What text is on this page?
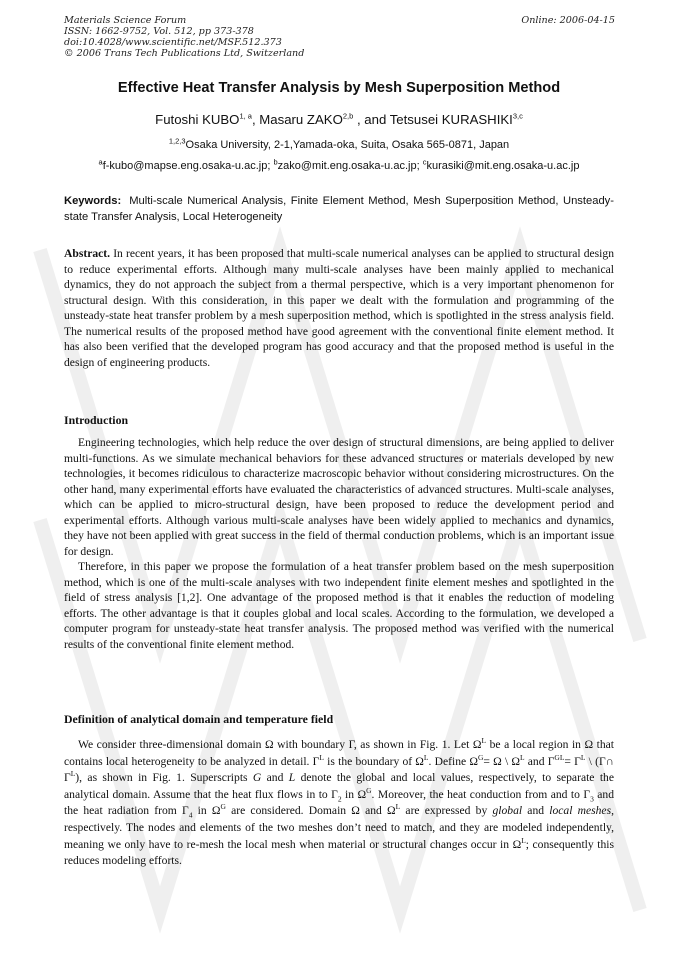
Materials Science Forum
ISSN: 1662-9752, Vol. 512, pp 373-378
doi:10.4028/www.scientific.net/MSF.512.373
© 2006 Trans Tech Publications Ltd, Switzerland
Online: 2006-04-15
Effective Heat Transfer Analysis by Mesh Superposition Method
Futoshi KUBO$^{1, a}$, Masaru ZAKO$^{2,b}$ , and Tetsusei KURASHIKI$^{3,c}$
$^{1,2,3}$Osaka University, 2-1,Yamada-oka, Suita, Osaka 565-0871, Japan
$^a$f-kubo@mapse.eng.osaka-u.ac.jp; $^b$zako@mit.eng.osaka-u.ac.jp; $^c$kurasiki@mit.eng.osaka-u.ac.jp
Keywords: Multi-scale Numerical Analysis, Finite Element Method, Mesh Superposition Method, Unsteady-state Transfer Analysis, Local Heterogeneity
Abstract. In recent years, it has been proposed that multi-scale numerical analyses can be applied to structural design to reduce experimental efforts. Although many multi-scale analyses have been mainly applied to mechanical dynamics, they do not approach the subject from a thermal perspective, which is a very important phenomenon for structural design. With this consideration, in this paper we dealt with the formulation and programming of the unsteady-state heat transfer problem by a mesh superposition method, which is spotlighted in the stress analysis field. The numerical results of the proposed method have good agreement with the conventional finite element method. It has also been verified that the developed program has good accuracy and that the proposed method is useful in the design of engineering products.
Introduction

Engineering technologies, which help reduce the over design of structural dimensions, are being applied to deliver multi-functions. As we simulate mechanical behaviors for these advanced structures or materials developed by new technologies, it becomes ridiculous to characterize macroscopic behavior without considering microstructures. On the other hand, many experimental efforts have evaluated the characteristics of advanced structures. Multi-scale analyses, which can be applied to micro-structural design, have been proposed to reduce the development period and experimental efforts. Although various multi-scale analyses have been widely applied to mechanics and dynamics, they have not been applied with great success in the field of thermal conduction problems, which is an important issue for design.

Therefore, in this paper we propose the formulation of a heat transfer problem based on the mesh superposition method, which is one of the multi-scale analyses with two independent finite element meshes and spotlighted in the field of stress analysis [1,2]. One advantage of the proposed method is that it enables the reduction of modeling efforts. The other advantage is that it couples global and local scales. According to the formulation, we developed a computer program for unsteady-state heat transfer analysis. The proposed method was verified with the numerical results of the conventional finite element method.

Definition of analytical domain and temperature field

We consider three-dimensional domain Ω with boundary Γ, as shown in Fig. 1. Let $\Omega^L$ be a local region in Ω that contains local heterogeneity to be analyzed in detail. $\Gamma^L$ is the boundary of $\Omega^L$. Define $\Omega^G= \Omega$ \ $\Omega^L$ and $\Gamma^{GL}= \Gamma^L$ \ (Γ∩ $\Gamma^L$), as shown in Fig. 1. Superscripts G and L denote the global and local values, respectively, to separate the analytical domain. Assume that the heat flux flows in to $\Gamma_2$ in $\Omega^G$. Moreover, the heat conduction from and to $\Gamma_3$ and the heat radiation from $\Gamma_4$ in $\Omega^G$ are considered. Domain Ω and $\Omega^L$ are expressed by global and local meshes, respectively. The nodes and elements of the two meshes don’t need to match, and they are modeled independently, meaning we only have to re-mesh the local mesh when material or structural changes occur in $\Omega^L$; consequently this reduces modeling efforts.
